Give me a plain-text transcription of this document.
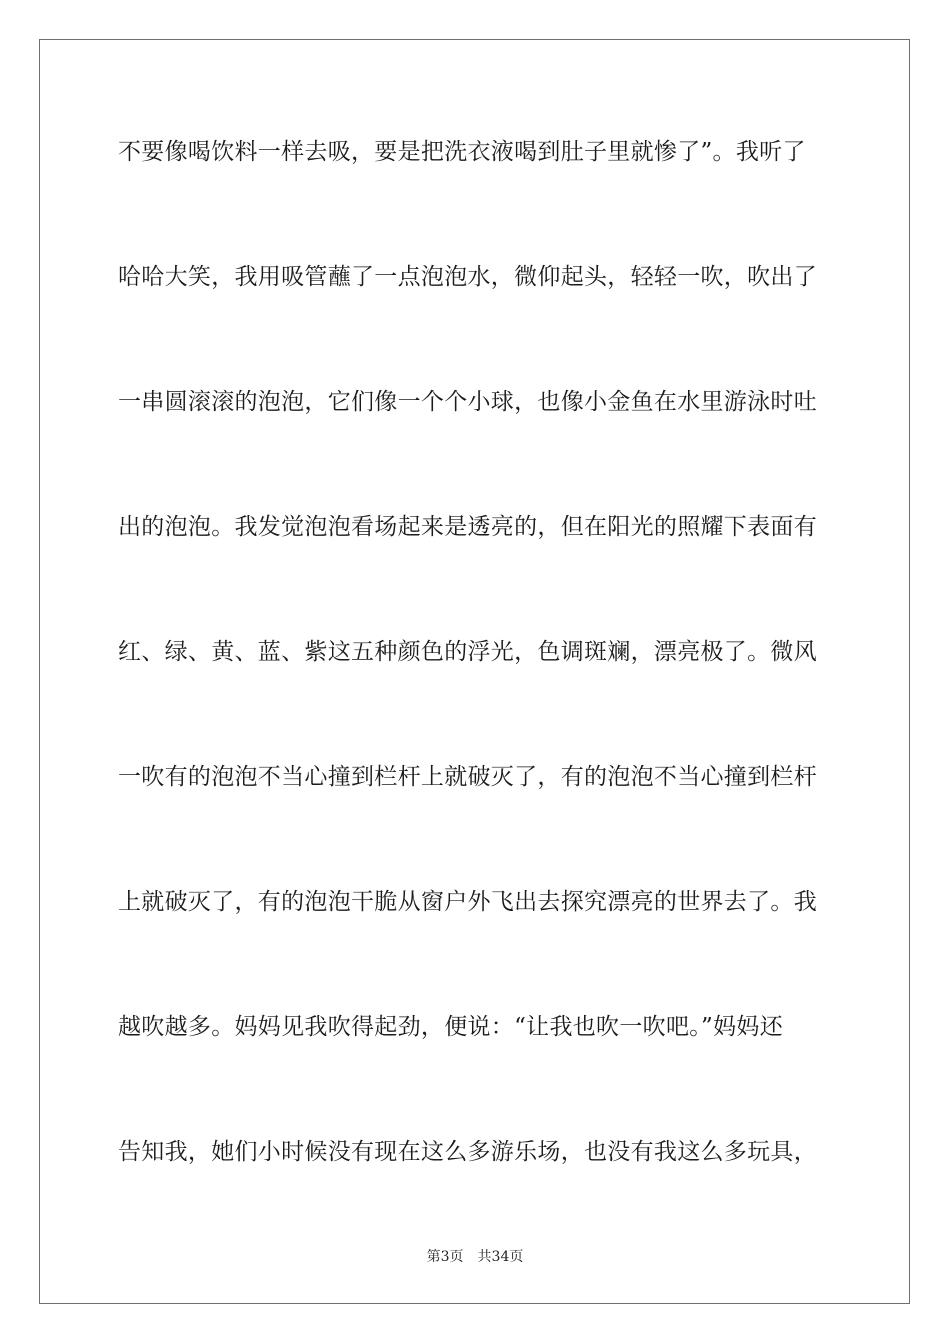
不要像喝饮料一样去吸，要是把洗衣液喝到肚子里就惨了”。我听了
哈哈大笑，我用吸管蘸了一点泡泡水，微仰起头，轻轻一吹，吹出了
一串圆滚滚的泡泡，它们像一个个小球，也像小金鱼在水里游泳时吐
出的泡泡。我发觉泡泡看场起来是透亮的，但在阳光的照耀下表面有
红、绿、黄、蓝、紫这五种颜色的浮光，色调斑斓，漂亮极了。微风
一吹有的泡泡不当心撞到栏杆上就破灭了，有的泡泡不当心撞到栏杆
上就破灭了，有的泡泡干脆从窗户外飞出去探究漂亮的世界去了。我
越吹越多。妈妈见我吹得起劲，便说：“让我也吹一吹吧。”妈妈还
告知我，她们小时候没有现在这么多游乐场，也没有我这么多玩具，
第3页 共34页
